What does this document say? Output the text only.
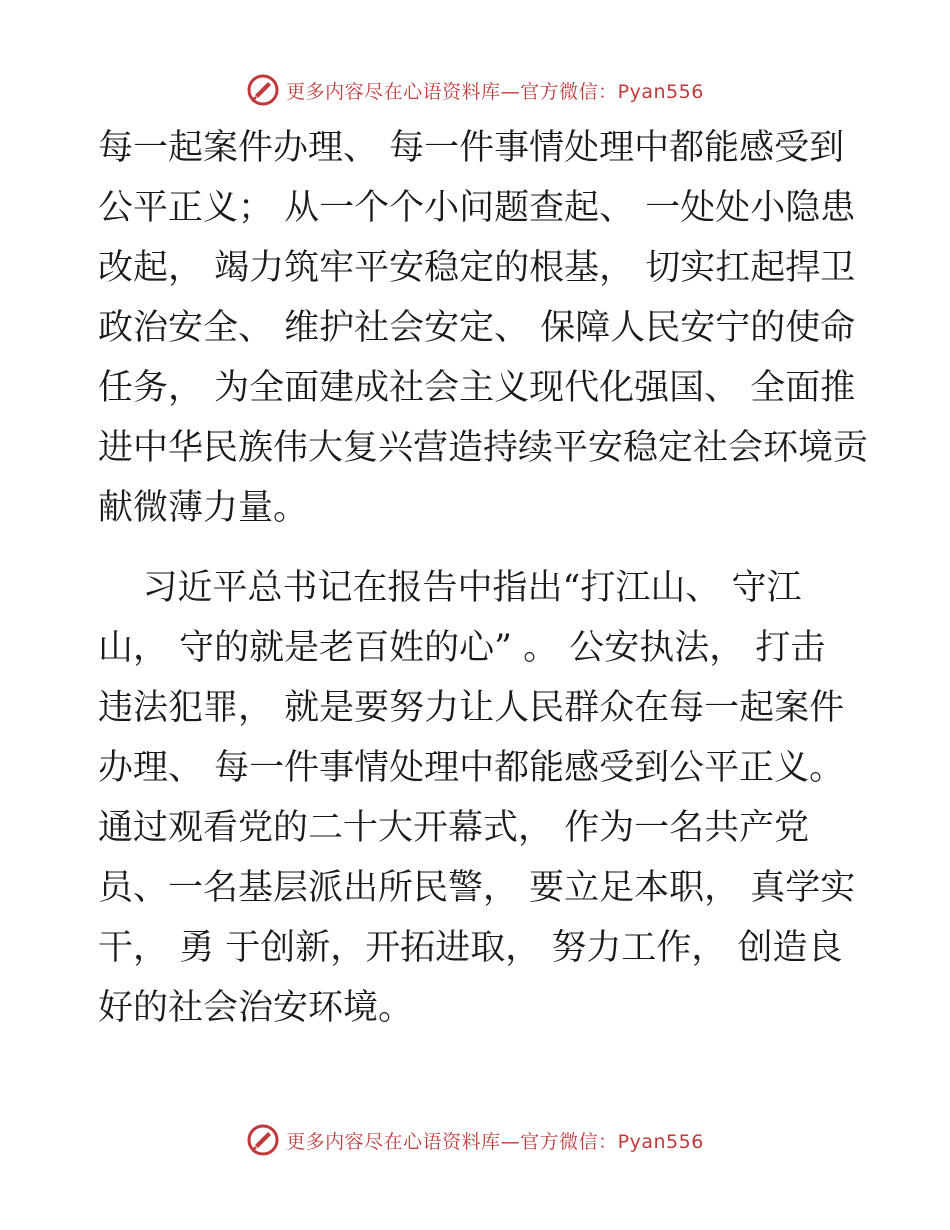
更多内容尽在心语资料库—官方微信：Pyan556
每一起案件办理、 每一件事情处理中都能感受到
公平正义； 从一个个小问题查起、 一处处小隐患
改起， 竭力筑牢平安稳定的根基， 切实扛起捍卫
政治安全、 维护社会安定、 保障人民安宁的使命
任务， 为全面建成社会主义现代化强国、 全面推
进中华民族伟大复兴营造持续平安稳定社会环境贡
献微薄力量。
习近平总书记在报告中指出“打江山、 守江
山， 守的就是老百姓的心” 。 公安执法， 打击
违法犯罪， 就是要努力让人民群众在每一起案件
办理、 每一件事情处理中都能感受到公平正义。
通过观看党的二十大开幕式， 作为一名共产党
员、一名基层派出所民警， 要立足本职， 真学实
干， 勇 于创新，开拓进取， 努力工作， 创造良
好的社会治安环境。
更多内容尽在心语资料库—官方微信：Pyan556
